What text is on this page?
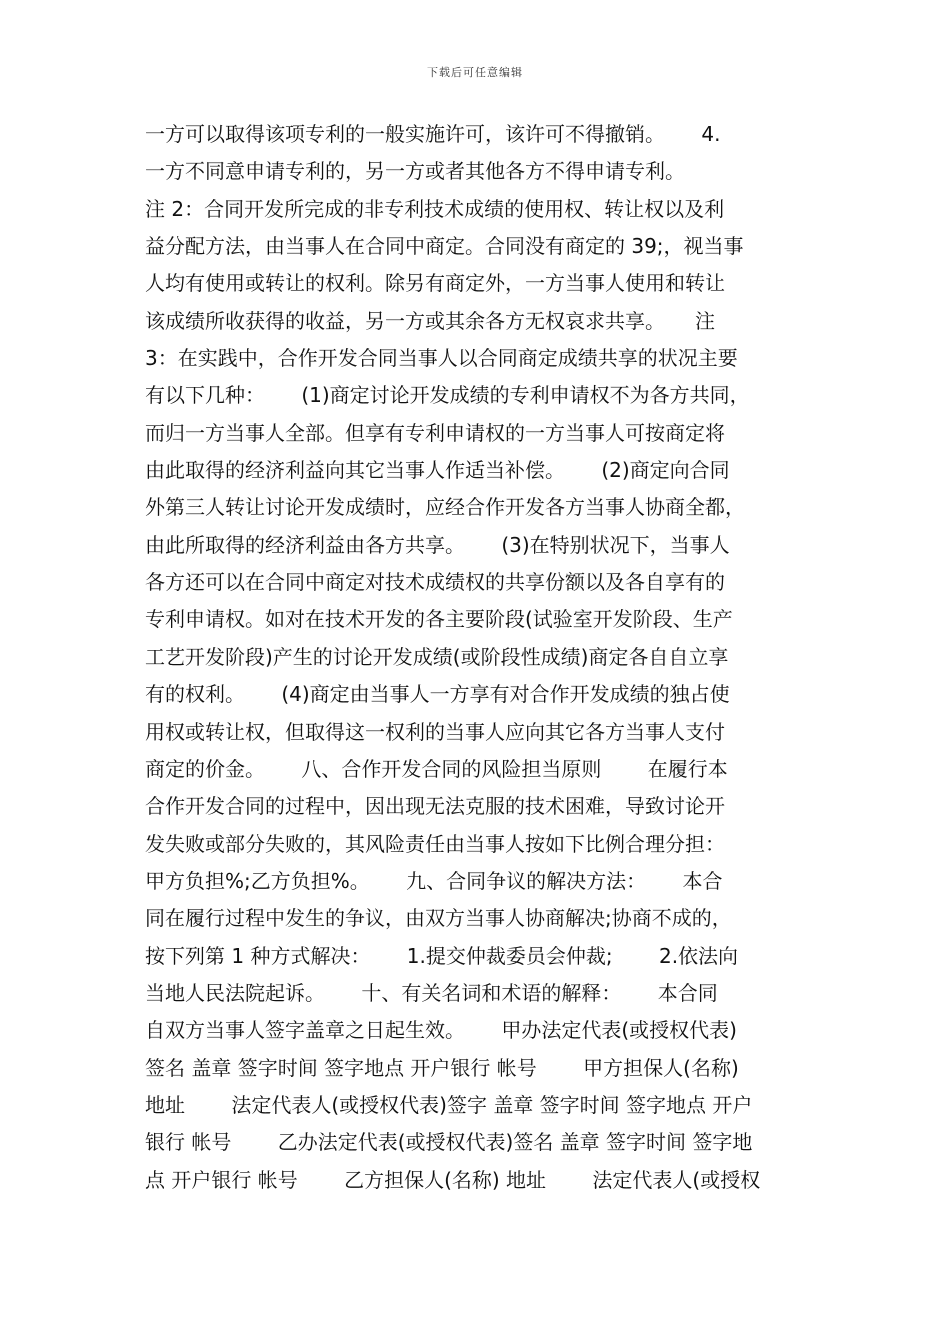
下载后可任意编辑
一方可以取得该项专利的一般实施许可，该许可不得撤销。　　 4.
一方不同意申请专利的，另一方或者其他各方不得申请专利。
注 2：合同开发所完成的非专利技术成绩的使用权、转让权以及利
益分配方法，由当事人在合同中商定。合同没有商定的 39;，视当事
人均有使用或转让的权利。除另有商定外，一方当事人使用和转让
该成绩所收获得的收益，另一方或其余各方无权哀求共享。　　注
3：在实践中，合作开发合同当事人以合同商定成绩共享的状况主要
有以下几种：　　 (1)商定讨论开发成绩的专利申请权不为各方共同，
而归一方当事人全部。但享有专利申请权的一方当事人可按商定将
由此取得的经济利益向其它当事人作适当补偿。　　 (2)商定向合同
外第三人转让讨论开发成绩时，应经合作开发各方当事人协商全都，
由此所取得的经济利益由各方共享。　　 (3)在特别状况下，当事人
各方还可以在合同中商定对技术成绩权的共享份额以及各自享有的
专利申请权。如对在技术开发的各主要阶段(试验室开发阶段、生产
工艺开发阶段)产生的讨论开发成绩(或阶段性成绩)商定各自自立享
有的权利。　　 (4)商定由当事人一方享有对合作开发成绩的独占使
用权或转让权，但取得这一权利的当事人应向其它各方当事人支付
商定的价金。　　 八、合作开发合同的风险担当原则　　 在履行本
合作开发合同的过程中，因出现无法克服的技术困难，导致讨论开
发失败或部分失败的，其风险责任由当事人按如下比例合理分担：
甲方负担%;乙方负担%。　　 九、合同争议的解决方法：　　 本合
同在履行过程中发生的争议，由双方当事人协商解决;协商不成的，
按下列第 1 种方式解决：　　 1.提交仲裁委员会仲裁;　　 2.依法向
当地人民法院起诉。　　 十、有关名词和术语的解释：　　 本合同
自双方当事人签字盖章之日起生效。　　 甲办法定代表(或授权代表)
签名 盖章 签字时间 签字地点 开户银行 帐号　　 甲方担保人(名称)
地址　　 法定代表人(或授权代表)签字 盖章 签字时间 签字地点 开户
银行 帐号　　 乙办法定代表(或授权代表)签名 盖章 签字时间 签字地
点 开户银行 帐号　　 乙方担保人(名称) 地址　　 法定代表人(或授权
